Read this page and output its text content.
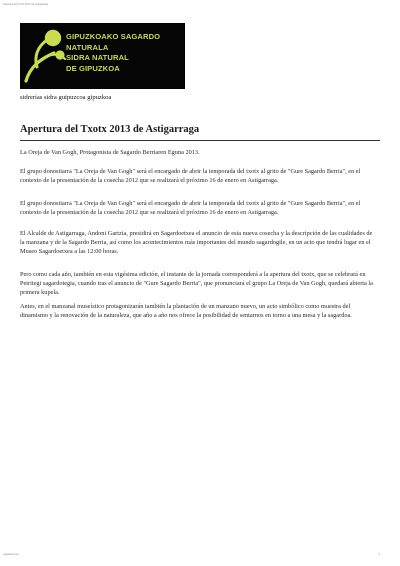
Apertura del Txotx 2013 de Astigarraga
GIPUZKOAKO SAGARDO
NATURALA
SIDRA NATURAL
DE GIPUZKOA
sidrerías sidra guipuzcoa gipuzkoa
Apertura del Txotx 2013 de Astigarraga

La Oreja de Van Gogh, Protagonista de Sagardo Berriaren Eguna 2013.

El grupo donostiarra "La Oreja de Van Gogh" será el encargado de abrir la temporada del txotx al grito de "Gure Sagardo Berria", en el contexto de la presentación de la cosecha 2012 que se realizará el próximo 16 de enero en Astigarraga.

El grupo donostiarra "La Oreja de Van Gogh" será el encargado de abrir la temporada del txotx al grito de "Gure Sagardo Berria", en el contexto de la presentación de la cosecha 2012 que se realizará el próximo 16 de enero en Astigarraga.

El Alcalde de Astigarraga, Andoni Gartzia, presidirá en Sagardoetxea el anuncio de esta nueva cosecha y la descripción de las cualidades de la manzana y de la Sagardo Berria, así como los acontecimientos más importantes del mundo sagardogile, en un acto que tendrá lugar en el Museo Sagardoetxea a las 12:00 horas.

Pero como cada año, también en esta vigésima edición, el instante de la jornada corresponderá a la apertura del txotx, que se celebrará en Petritegi sagardotegia, cuando tras el anuncio de "Gure Sagardo Berria", que pronunciará el grupo La Oreja de Van Gogh, quedará abierta la primera kupela.

Antes, en el manzanal museístico protagonizarán también la plantación de un manzano nuevo, un acto simbólico como muestra del dinamismo y la renovación de la naturaleza, que año a año nos ofrece la posibilidad de sentarnos en torno a una mesa y la sagardoa.

sagardoa.eus	1
